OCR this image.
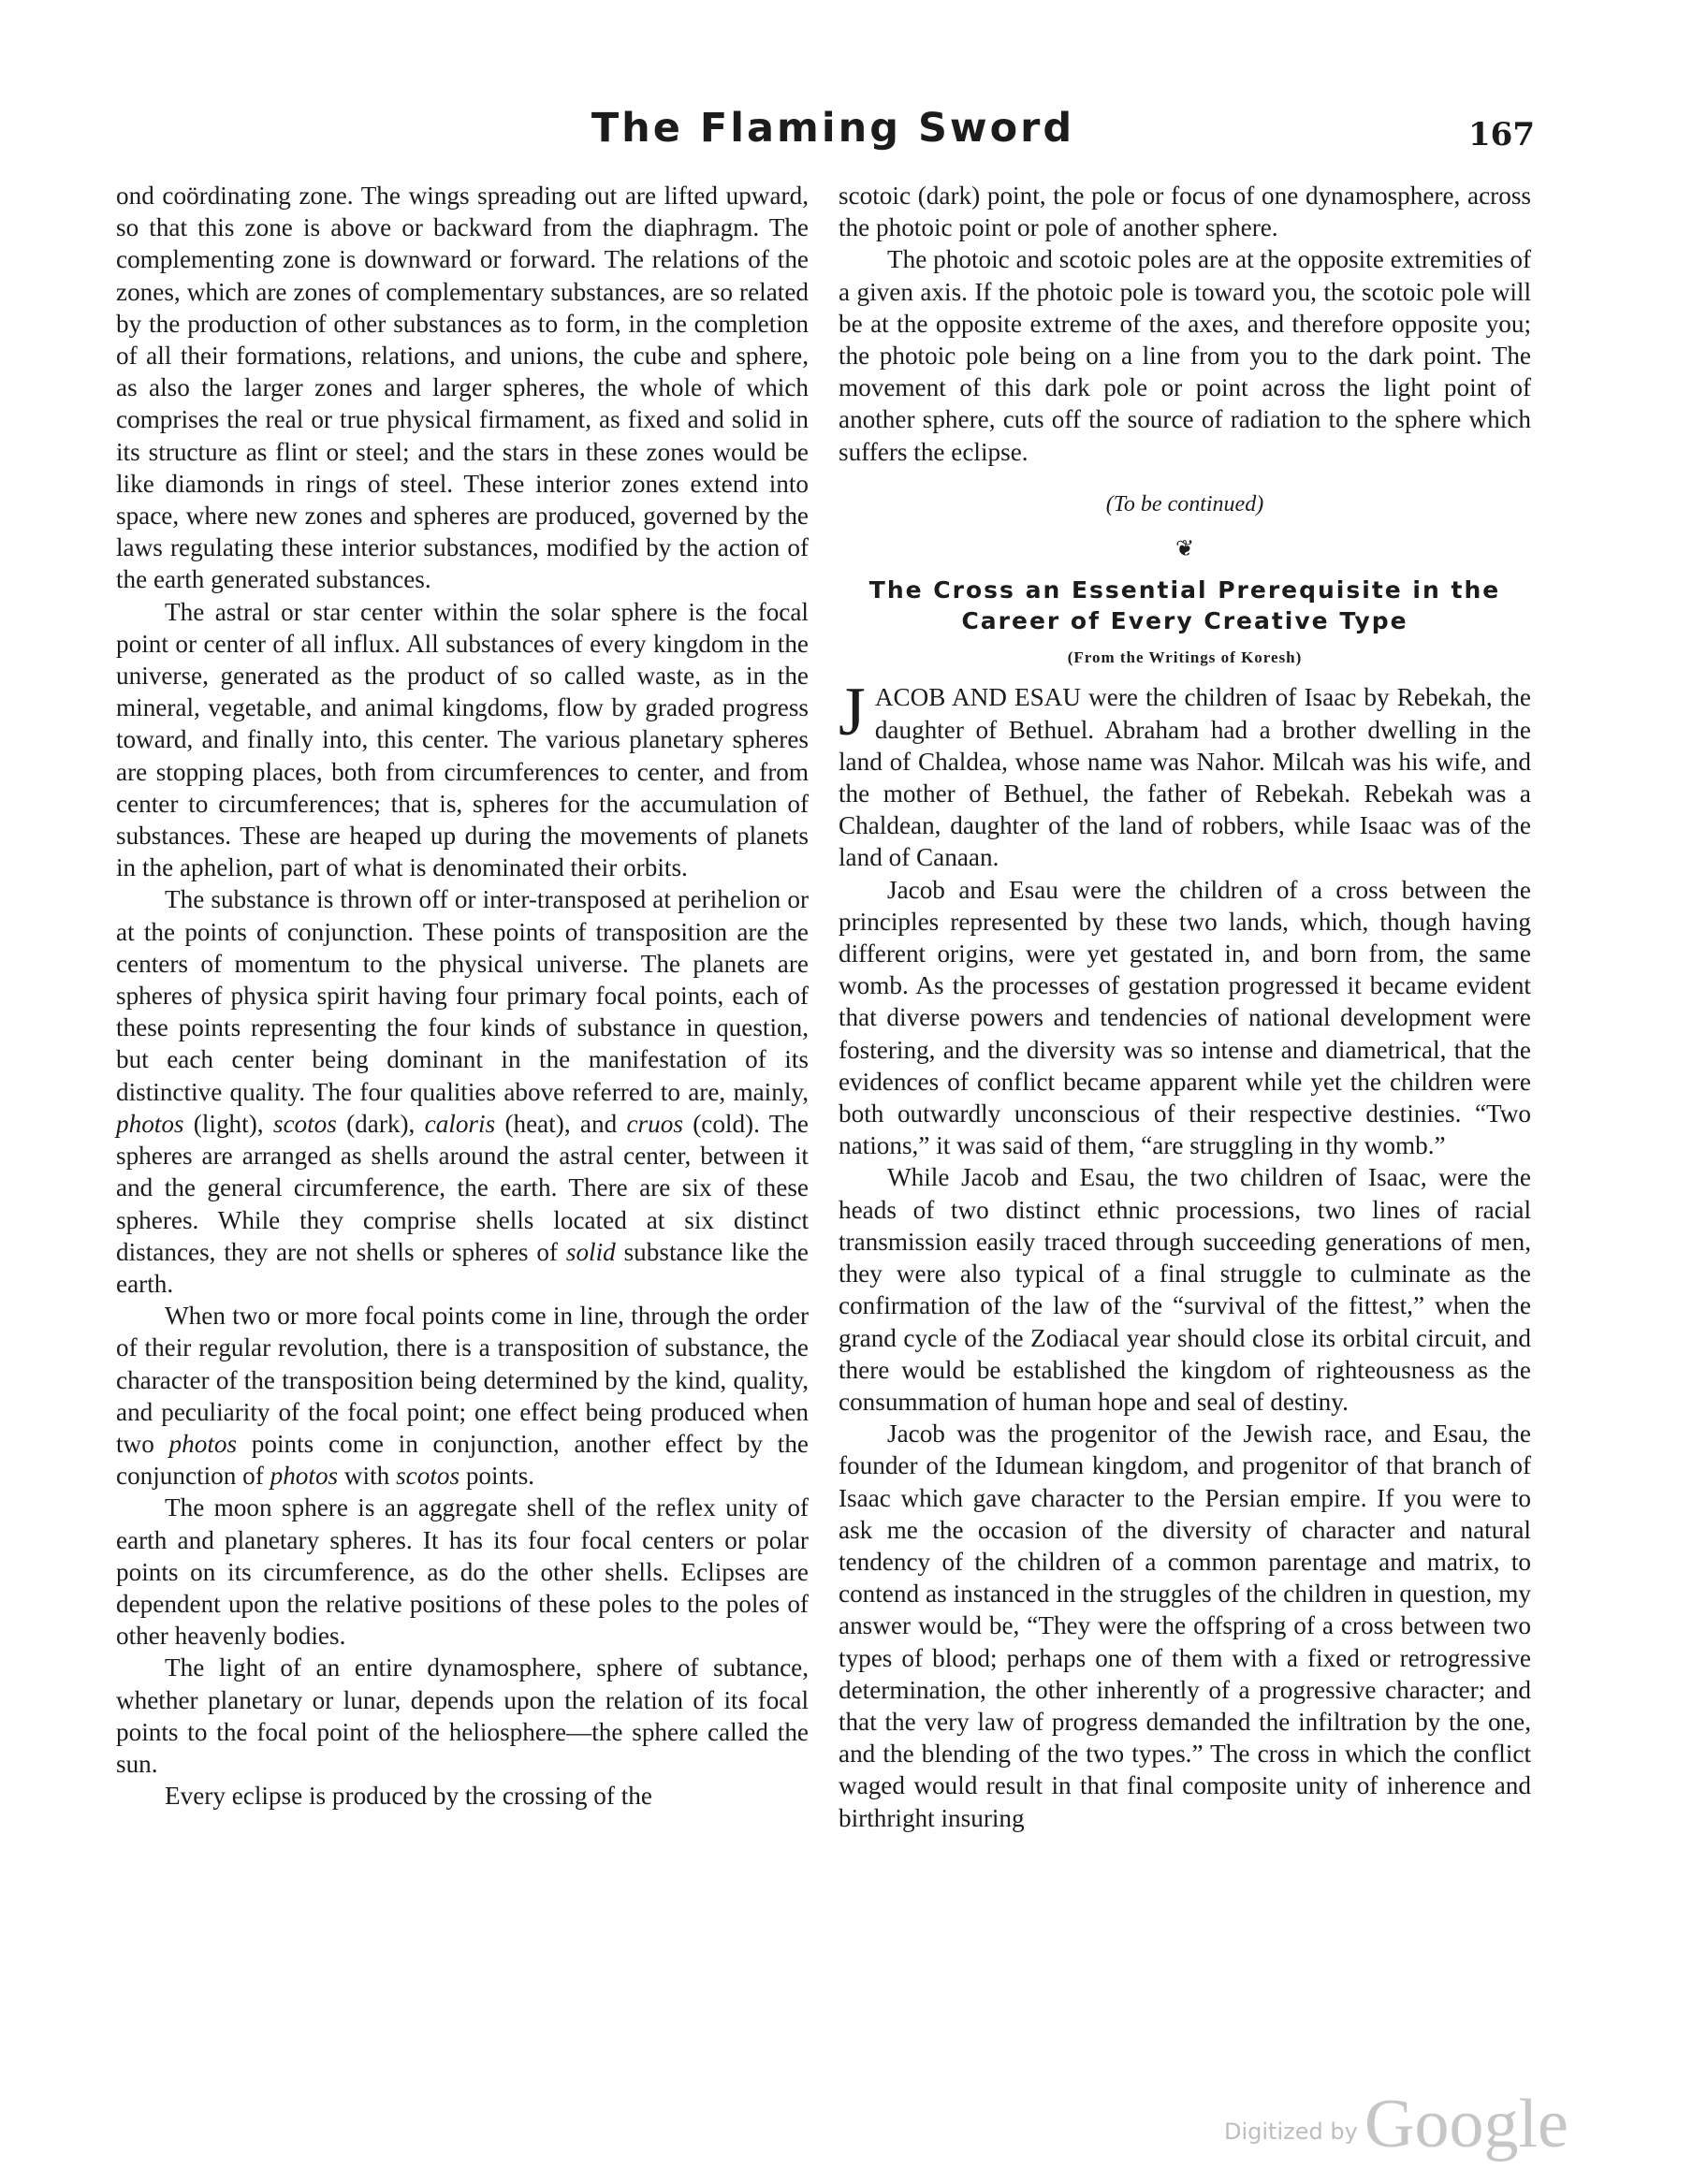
The Flaming Sword	167

ond coördinating zone. The wings spreading out are lifted upward, so that this zone is above or backward from the diaphragm. The complementing zone is downward or forward. The relations of the zones, which are zones of complementary substances, are so related by the production of other substances as to form, in the completion of all their formations, relations, and unions, the cube and sphere, as also the larger zones and larger spheres, the whole of which comprises the real or true physical firmament, as fixed and solid in its structure as flint or steel; and the stars in these zones would be like diamonds in rings of steel. These interior zones extend into space, where new zones and spheres are produced, governed by the laws regulating these interior substances, modified by the action of the earth generated substances.

The astral or star center within the solar sphere is the focal point or center of all influx. All substances of every kingdom in the universe, generated as the product of so called waste, as in the mineral, vegetable, and animal kingdoms, flow by graded progress toward, and finally into, this center. The various planetary spheres are stopping places, both from circumferences to center, and from center to circumferences; that is, spheres for the accumulation of substances. These are heaped up during the movements of planets in the aphelion, part of what is denominated their orbits.

The substance is thrown off or inter-transposed at perihelion or at the points of conjunction. These points of transposition are the centers of momentum to the physical universe. The planets are spheres of physica spirit having four primary focal points, each of these points representing the four kinds of substance in question, but each center being dominant in the manifestation of its distinctive quality. The four qualities above referred to are, mainly, photos (light), scotos (dark), caloris (heat), and cruos (cold). The spheres are arranged as shells around the astral center, between it and the general circumference, the earth. There are six of these spheres. While they comprise shells located at six distinct distances, they are not shells or spheres of solid substance like the earth.

When two or more focal points come in line, through the order of their regular revolution, there is a transposition of substance, the character of the transposition being determined by the kind, quality, and peculiarity of the focal point; one effect being produced when two photos points come in conjunction, another effect by the conjunction of photos with scotos points.

The moon sphere is an aggregate shell of the reflex unity of earth and planetary spheres. It has its four focal centers or polar points on its circumference, as do the other shells. Eclipses are dependent upon the relative positions of these poles to the poles of other heavenly bodies.

The light of an entire dynamosphere, sphere of subtance, whether planetary or lunar, depends upon the relation of its focal points to the focal point of the heliosphere—the sphere called the sun.

Every eclipse is produced by the crossing of the

scotoic (dark) point, the pole or focus of one dynamosphere, across the photoic point or pole of another sphere.

The photoic and scotoic poles are at the opposite extremities of a given axis. If the photoic pole is toward you, the scotoic pole will be at the opposite extreme of the axes, and therefore opposite you; the photoic pole being on a line from you to the dark point. The movement of this dark pole or point across the light point of another sphere, cuts off the source of radiation to the sphere which suffers the eclipse.

(To be continued)
❦
The Cross an Essential Prerequisite in the Career of Every Creative Type
(From the Writings of Koresh)

JACOB AND ESAU were the children of Isaac by Rebekah, the daughter of Bethuel. Abraham had a brother dwelling in the land of Chaldea, whose name was Nahor. Milcah was his wife, and the mother of Bethuel, the father of Rebekah. Rebekah was a Chaldean, daughter of the land of robbers, while Isaac was of the land of Canaan.

Jacob and Esau were the children of a cross between the principles represented by these two lands, which, though having different origins, were yet gestated in, and born from, the same womb. As the processes of gestation progressed it became evident that diverse powers and tendencies of national development were fostering, and the diversity was so intense and diametrical, that the evidences of conflict became apparent while yet the children were both outwardly unconscious of their respective destinies. “Two nations,” it was said of them, “are struggling in thy womb.”

While Jacob and Esau, the two children of Isaac, were the heads of two distinct ethnic processions, two lines of racial transmission easily traced through succeeding generations of men, they were also typical of a final struggle to culminate as the confirmation of the law of the “survival of the fittest,” when the grand cycle of the Zodiacal year should close its orbital circuit, and there would be established the kingdom of righteousness as the consummation of human hope and seal of destiny.

Jacob was the progenitor of the Jewish race, and Esau, the founder of the Idumean kingdom, and progenitor of that branch of Isaac which gave character to the Persian empire. If you were to ask me the occasion of the diversity of character and natural tendency of the children of a common parentage and matrix, to contend as instanced in the struggles of the children in question, my answer would be, “They were the offspring of a cross between two types of blood; perhaps one of them with a fixed or retrogressive determination, the other inherently of a progressive character; and that the very law of progress demanded the infiltration by the one, and the blending of the two types.” The cross in which the conflict waged would result in that final composite unity of inherence and birthright insuring

Digitized by Google
